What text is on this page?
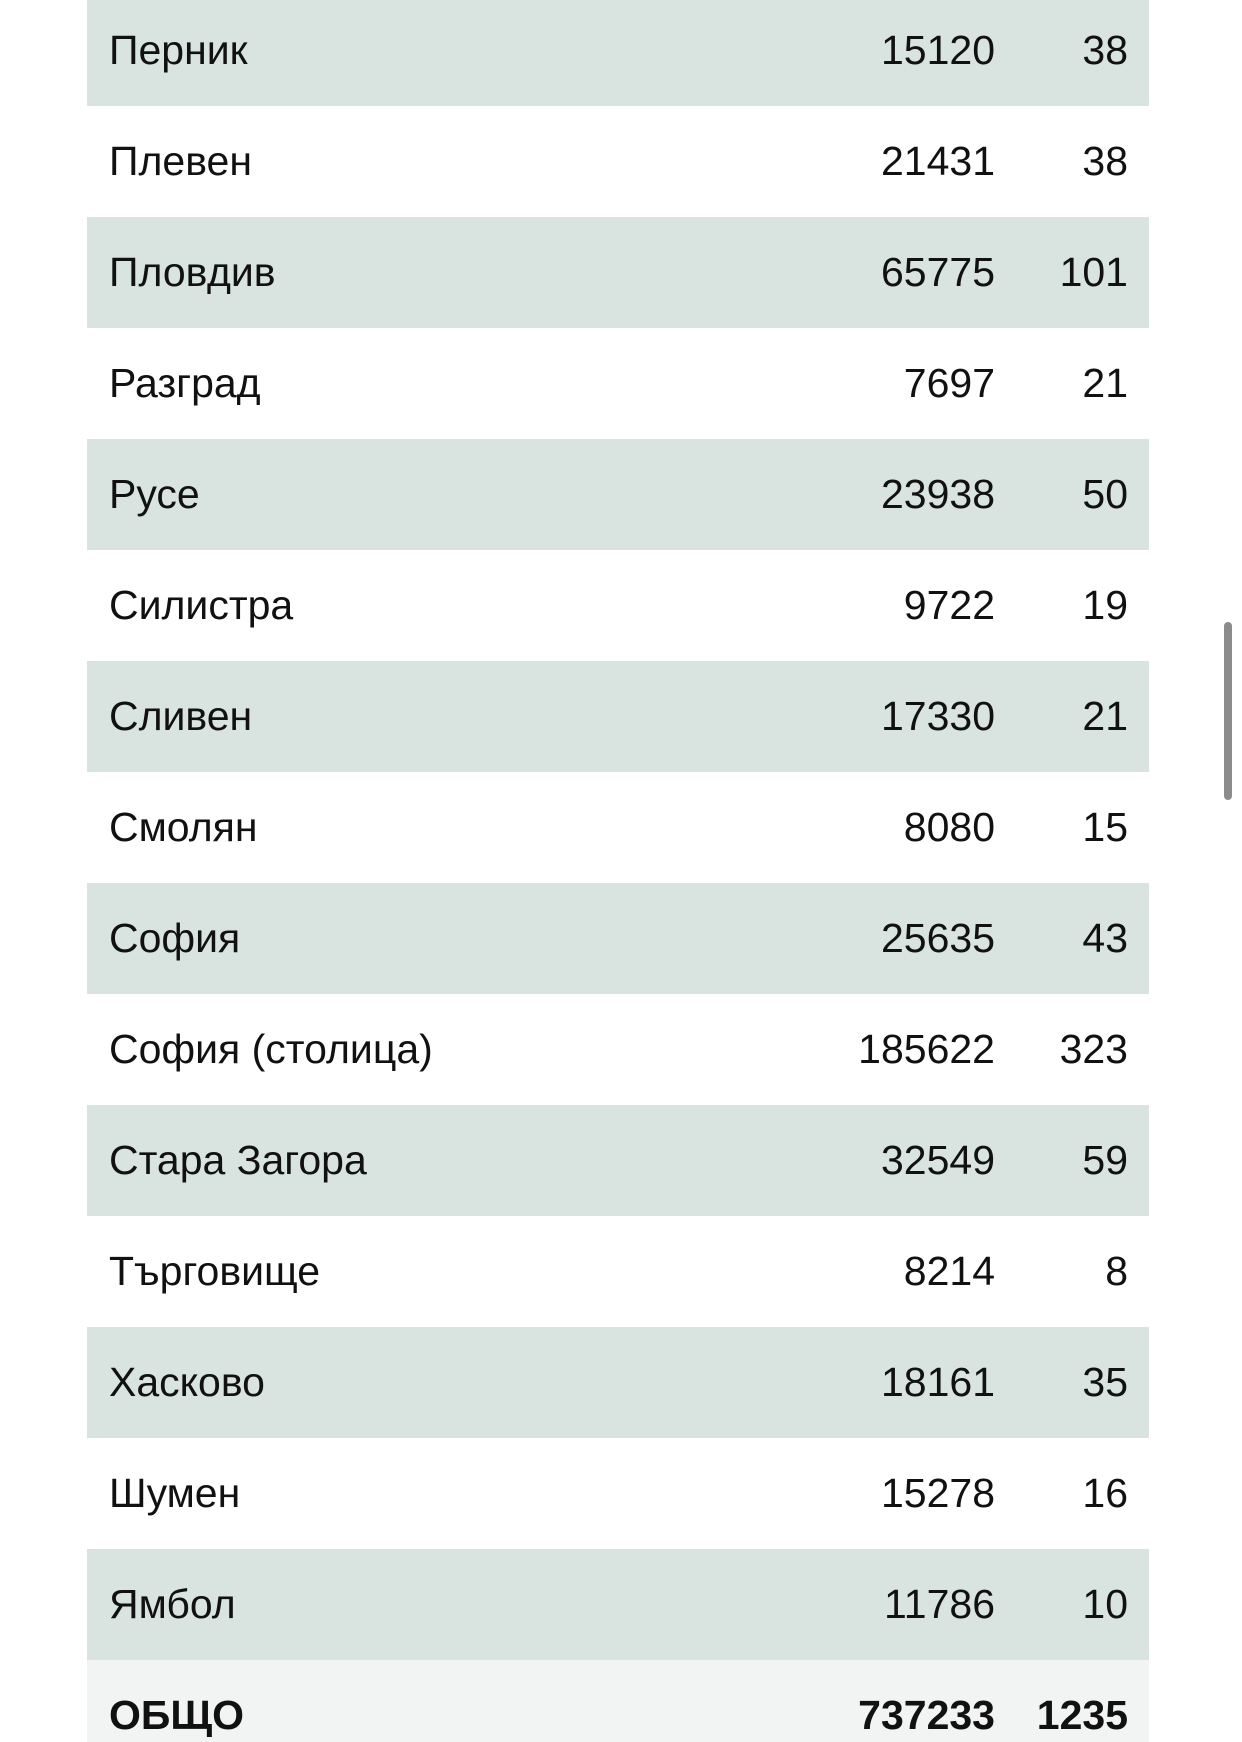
Перник	15120	38
Плевен	21431	38
Пловдив	65775	101
Разград	7697	21
Русе	23938	50
Силистра	9722	19
Сливен	17330	21
Смолян	8080	15
София	25635	43
София (столица)	185622	323
Стара Загора	32549	59
Търговище	8214	8
Хасково	18161	35
Шумен	15278	16
Ямбол	11786	10
ОБЩО	737233	1235
